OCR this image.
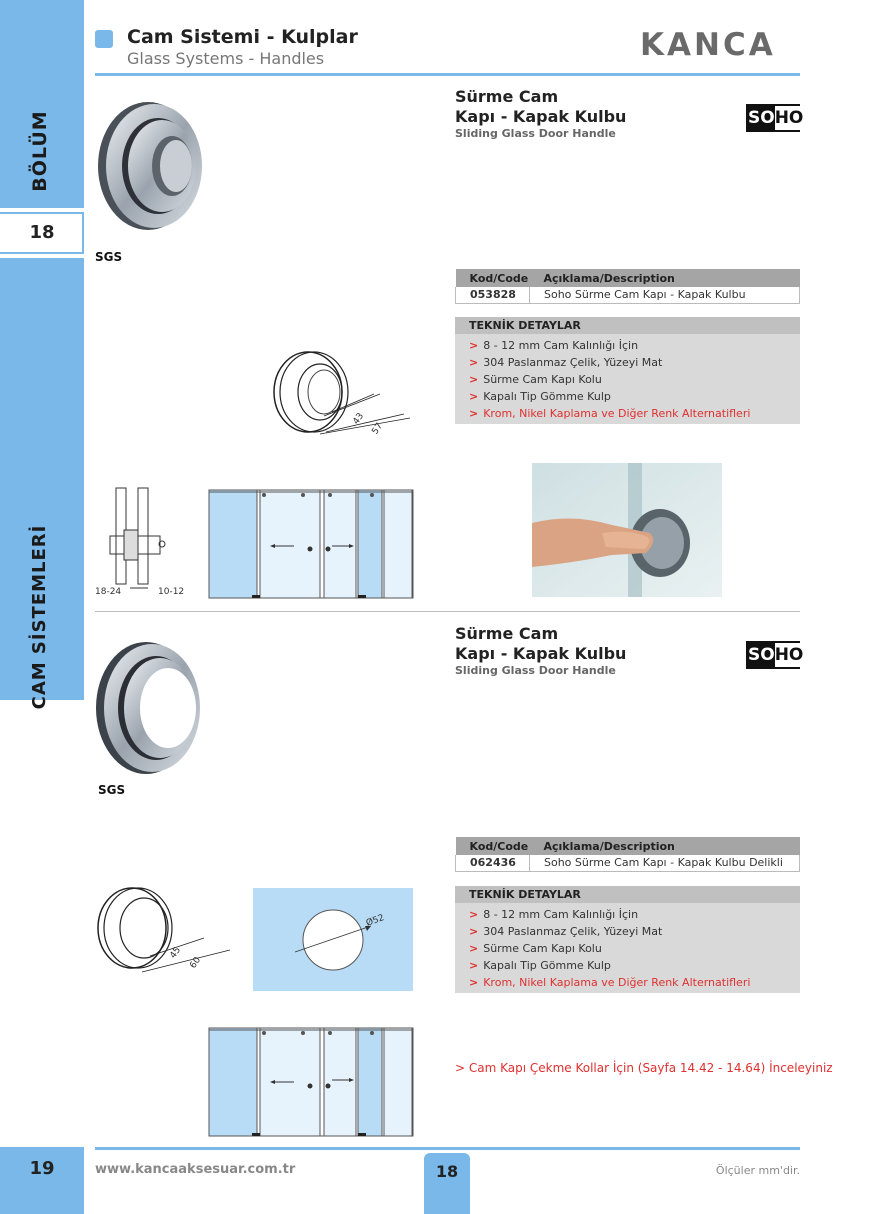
BÖLÜM
18
CAM SİSTEMLERİ
Cam Sistemi - Kulplar
Glass Systems - Handles	KANCA
SGS

Sürme Cam
Kapı - Kapak Kulbu
Sliding Glass Door Handle
SO HO
Kod/Code	Açıklama/Description
053828	Soho Sürme Cam Kapı - Kapak Kulbu
TEKNİK DETAYLAR
> 8 - 12 mm Cam Kalınlığı İçin
> 304 Paslanmaz Çelik, Yüzeyi Mat
> Sürme Cam Kapı Kolu
> Kapalı Tip Gömme Kulp
> Krom, Nikel Kaplama ve Diğer Renk Alternatifleri
43
57
18-24	10-12
SGS

Sürme Cam
Kapı - Kapak Kulbu
Sliding Glass Door Handle
SO HO
Kod/Code	Açıklama/Description
062436	Soho Sürme Cam Kapı - Kapak Kulbu Delikli
TEKNİK DETAYLAR
> 8 - 12 mm Cam Kalınlığı İçin
> 304 Paslanmaz Çelik, Yüzeyi Mat
> Sürme Cam Kapı Kolu
> Kapalı Tip Gömme Kulp
> Krom, Nikel Kaplama ve Diğer Renk Alternatifleri
45
60
Ø52
> Cam Kapı Çekme Kollar İçin (Sayfa 14.42 - 14.64) İnceleyiniz
19	www.kancaaksesuar.com.tr	18	Ölçüler mm'dir.
